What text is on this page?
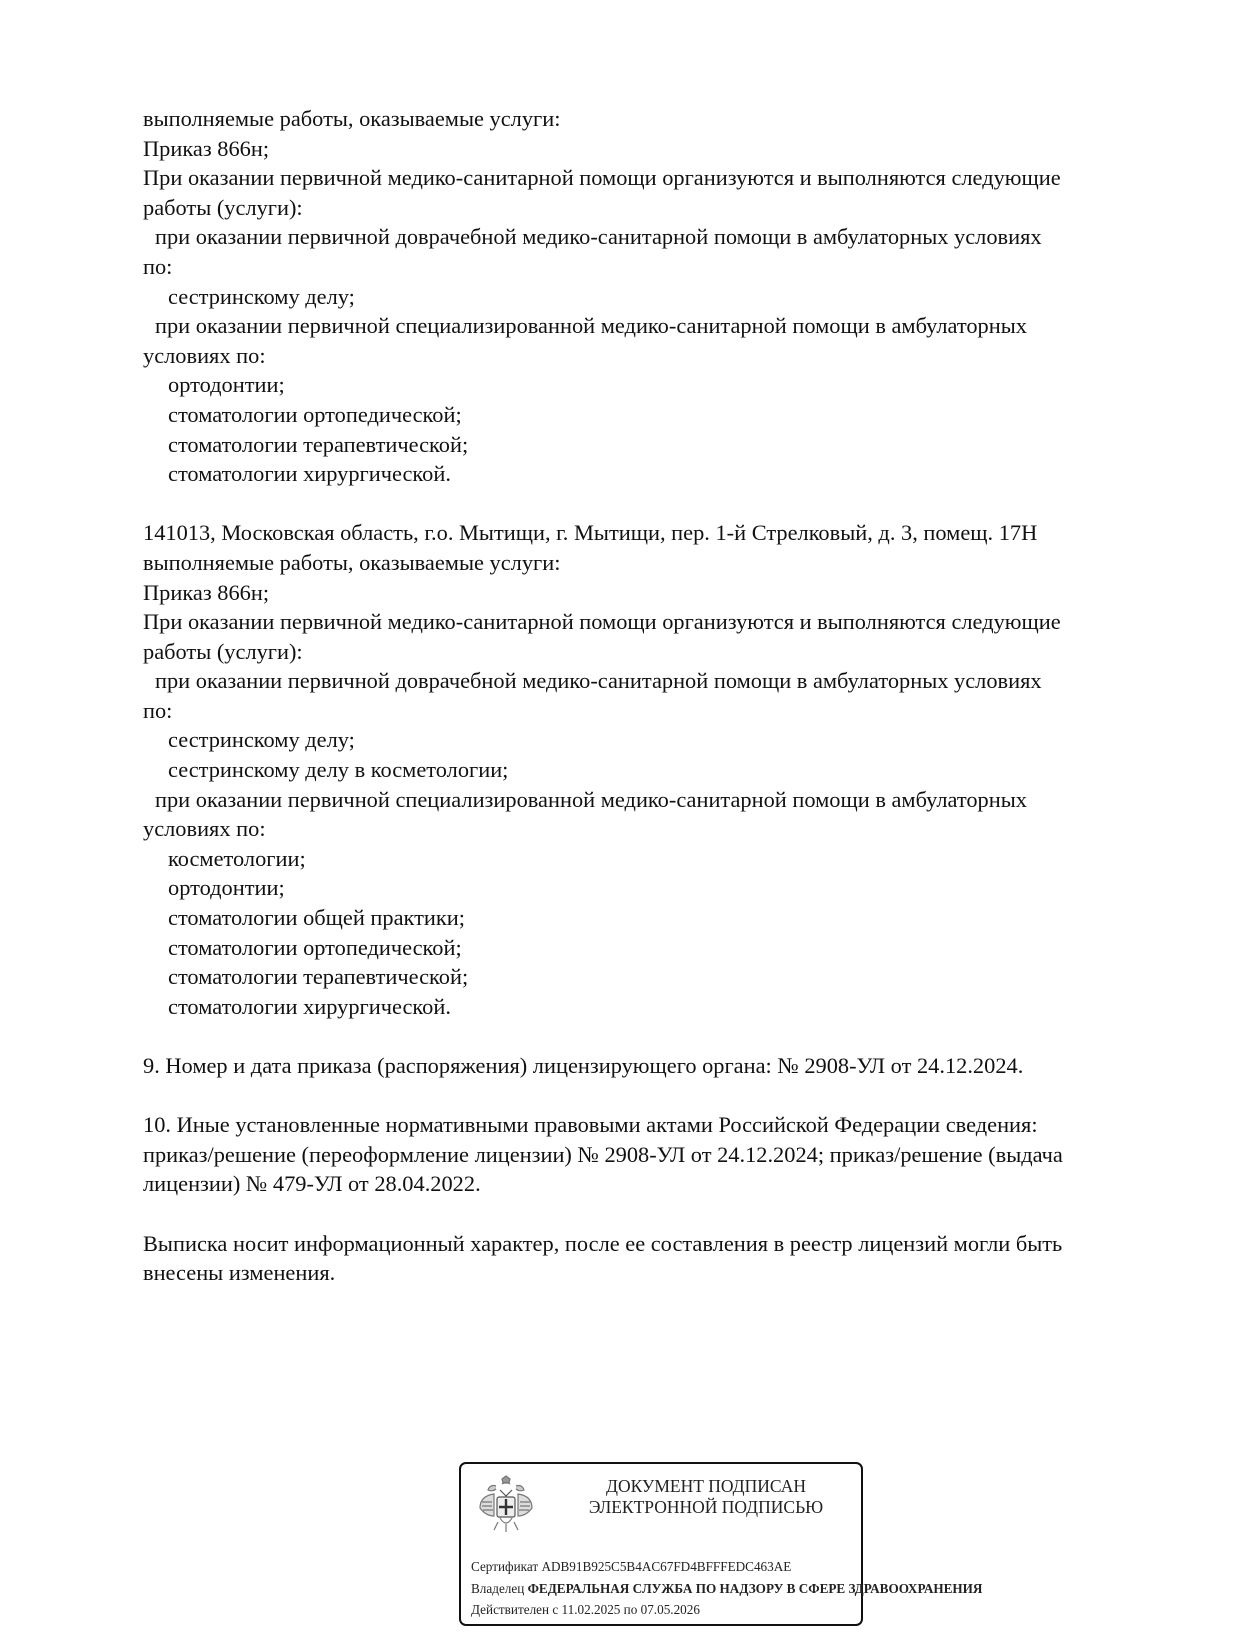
выполняемые работы, оказываемые услуги:
Приказ 866н;
При оказании первичной медико-санитарной помощи организуются и выполняются следующие
работы (услуги):
при оказании первичной доврачебной медико-санитарной помощи в амбулаторных условиях
по:
сестринскому делу;
при оказании первичной специализированной медико-санитарной помощи в амбулаторных
условиях по:
ортодонтии;
стоматологии ортопедической;
стоматологии терапевтической;
стоматологии хирургической.
141013, Московская область, г.о. Мытищи, г. Мытищи, пер. 1-й Стрелковый, д. 3, помещ. 17Н
выполняемые работы, оказываемые услуги:
Приказ 866н;
При оказании первичной медико-санитарной помощи организуются и выполняются следующие
работы (услуги):
при оказании первичной доврачебной медико-санитарной помощи в амбулаторных условиях
по:
сестринскому делу;
сестринскому делу в косметологии;
при оказании первичной специализированной медико-санитарной помощи в амбулаторных
условиях по:
косметологии;
ортодонтии;
стоматологии общей практики;
стоматологии ортопедической;
стоматологии терапевтической;
стоматологии хирургической.
9. Номер и дата приказа (распоряжения) лицензирующего органа: № 2908-УЛ от 24.12.2024.
10. Иные установленные нормативными правовыми актами Российской Федерации сведения:
приказ/решение (переоформление лицензии) № 2908-УЛ от 24.12.2024; приказ/решение (выдача
лицензии) № 479-УЛ от 28.04.2022.
Выписка носит информационный характер, после ее составления в реестр лицензий могли быть
внесены изменения.
ДОКУМЕНТ ПОДПИСАН
ЭЛЕКТРОННОЙ ПОДПИСЬЮ
Сертификат ADB91B925C5B4AC67FD4BFFFEDC463AE
Владелец ФЕДЕРАЛЬНАЯ СЛУЖБА ПО НАДЗОРУ В СФЕРЕ ЗДРАВООХРАНЕНИЯ
Действителен с 11.02.2025 по 07.05.2026
